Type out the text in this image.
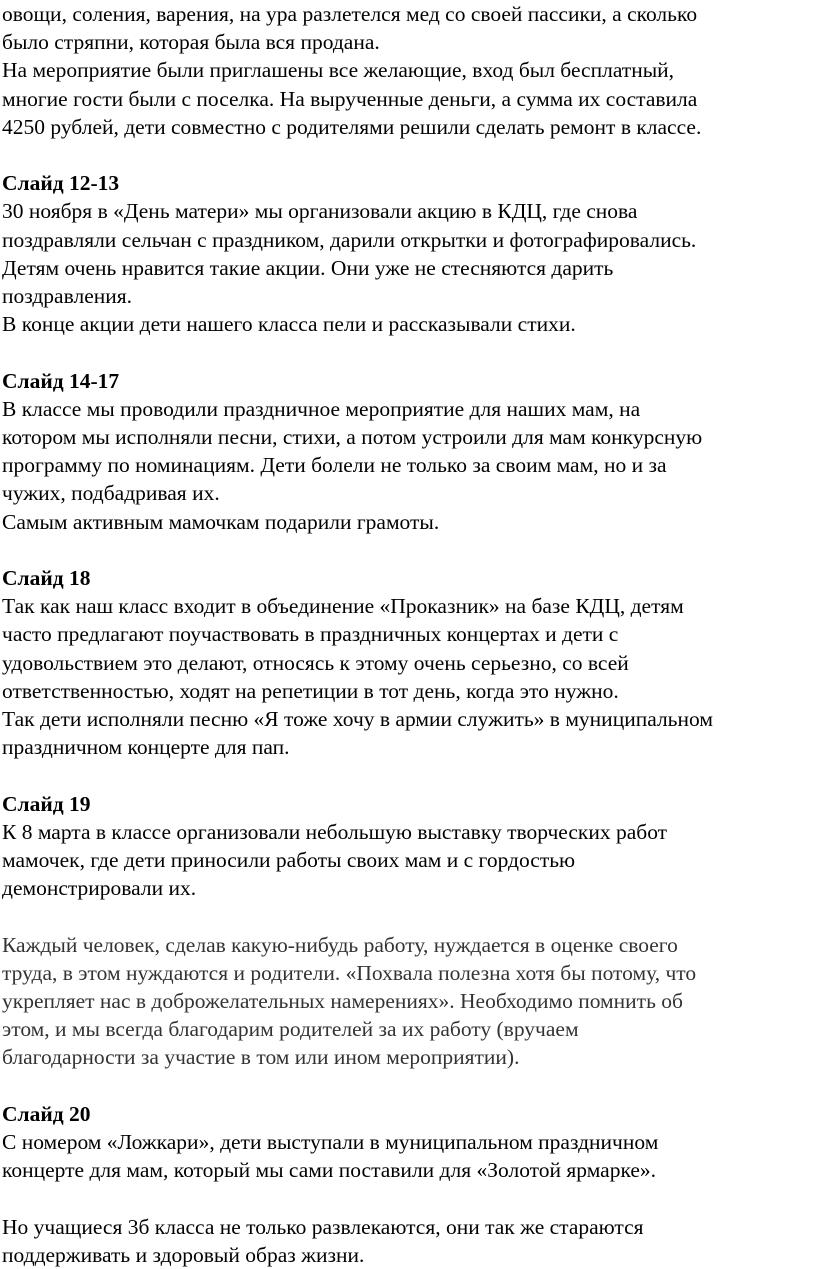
овощи, соления, варения, на ура разлетелся мед со своей пассики, а сколько
было стряпни, которая была вся продана.
На мероприятие были приглашены все желающие, вход был бесплатный,
многие гости были с поселка. На вырученные деньги, а сумма их составила
4250 рублей, дети совместно с родителями решили сделать ремонт в классе.
Слайд 12-13
30 ноября в «День матери» мы организовали акцию в КДЦ, где снова
поздравляли сельчан с праздником, дарили открытки и фотографировались.
Детям очень нравится такие акции. Они уже не стесняются дарить
поздравления.
В конце акции дети нашего класса пели и рассказывали стихи.
Слайд 14-17
В классе мы проводили праздничное мероприятие для наших мам, на
котором мы исполняли песни, стихи, а потом устроили для мам конкурсную
программу по номинациям. Дети болели не только за своим мам, но и за
чужих, подбадривая их.
Самым активным мамочкам подарили грамоты.
Слайд 18
Так как наш класс входит в объединение «Проказник» на базе КДЦ, детям
часто предлагают поучаствовать в праздничных концертах и дети с
удовольствием это делают, относясь к этому очень серьезно, со всей
ответственностью, ходят на репетиции в тот день, когда это нужно.
Так дети исполняли песню «Я тоже хочу в армии служить» в муниципальном
праздничном концерте для пап.
Слайд 19
К 8 марта в классе организовали небольшую выставку творческих работ
мамочек, где дети приносили работы своих мам и с гордостью
демонстрировали их.
Каждый человек, сделав какую-нибудь работу, нуждается в оценке своего
труда, в этом нуждаются и родители. «Похвала полезна хотя бы потому, что
укрепляет нас в доброжелательных намерениях». Необходимо помнить об
этом, и мы всегда благодарим родителей за их работу (вручаем
благодарности за участие в том или ином мероприятии).
Слайд 20
С номером «Ложкари», дети выступали в муниципальном праздничном
концерте для мам, который мы сами поставили для «Золотой ярмарке».
Но учащиеся 3б класса не только развлекаются, они так же стараются
поддерживать и здоровый образ жизни.
